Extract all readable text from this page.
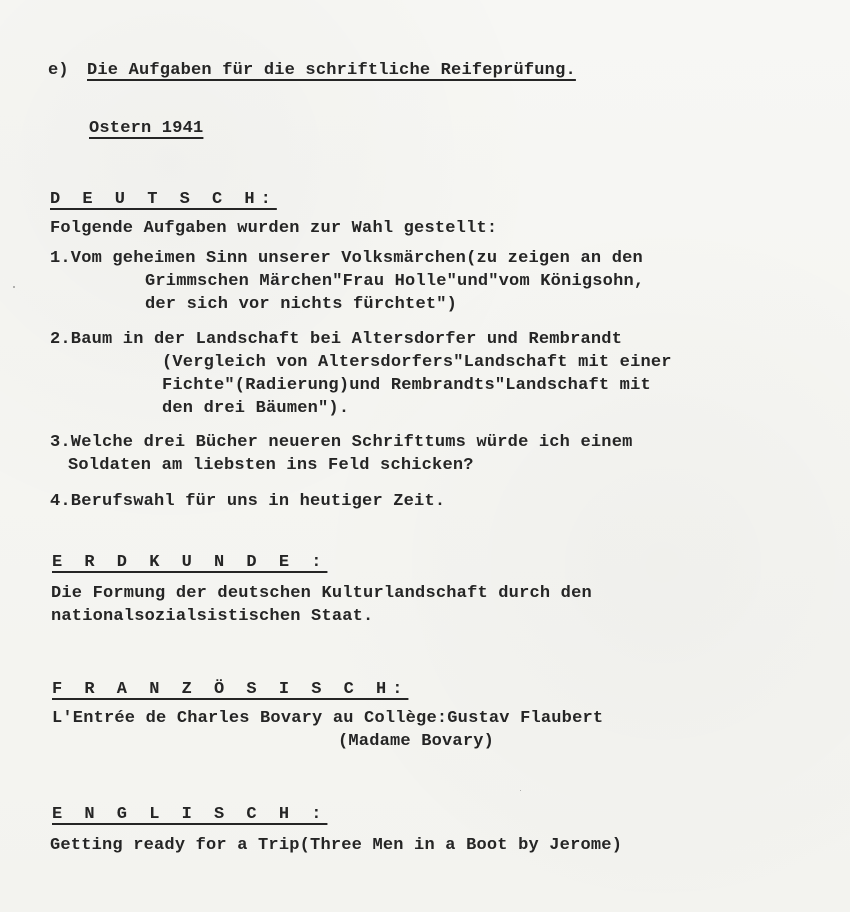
e) Die Aufgaben für die schriftliche Reifeprüfung.
Ostern 1941
D E U T S C H:
Folgende Aufgaben wurden zur Wahl gestellt:
1.Vom geheimen Sinn unserer Volksmärchen(zu zeigen an den
Grimmschen Märchen"Frau Holle"und"vom Königsohn,
der sich vor nichts fürchtet")
2.Baum in der Landschaft bei Altersdorfer und Rembrandt
(Vergleich von Altersdorfers"Landschaft mit einer
Fichte"(Radierung)und Rembrandts"Landschaft mit
den drei Bäumen").
3.Welche drei Bücher neueren Schrifttums würde ich einem
Soldaten am liebsten ins Feld schicken?
4.Berufswahl für uns in heutiger Zeit.
E R D K U N D E :
Die Formung der deutschen Kulturlandschaft durch den
nationalsozialsistischen Staat.
F R A N Z Ö S I S C H:
L'Entrée de Charles Bovary au Collège:Gustav Flaubert
(Madame Bovary)
E N G L I S C H :
Getting ready for a Trip(Three Men in a Boot by Jerome)
